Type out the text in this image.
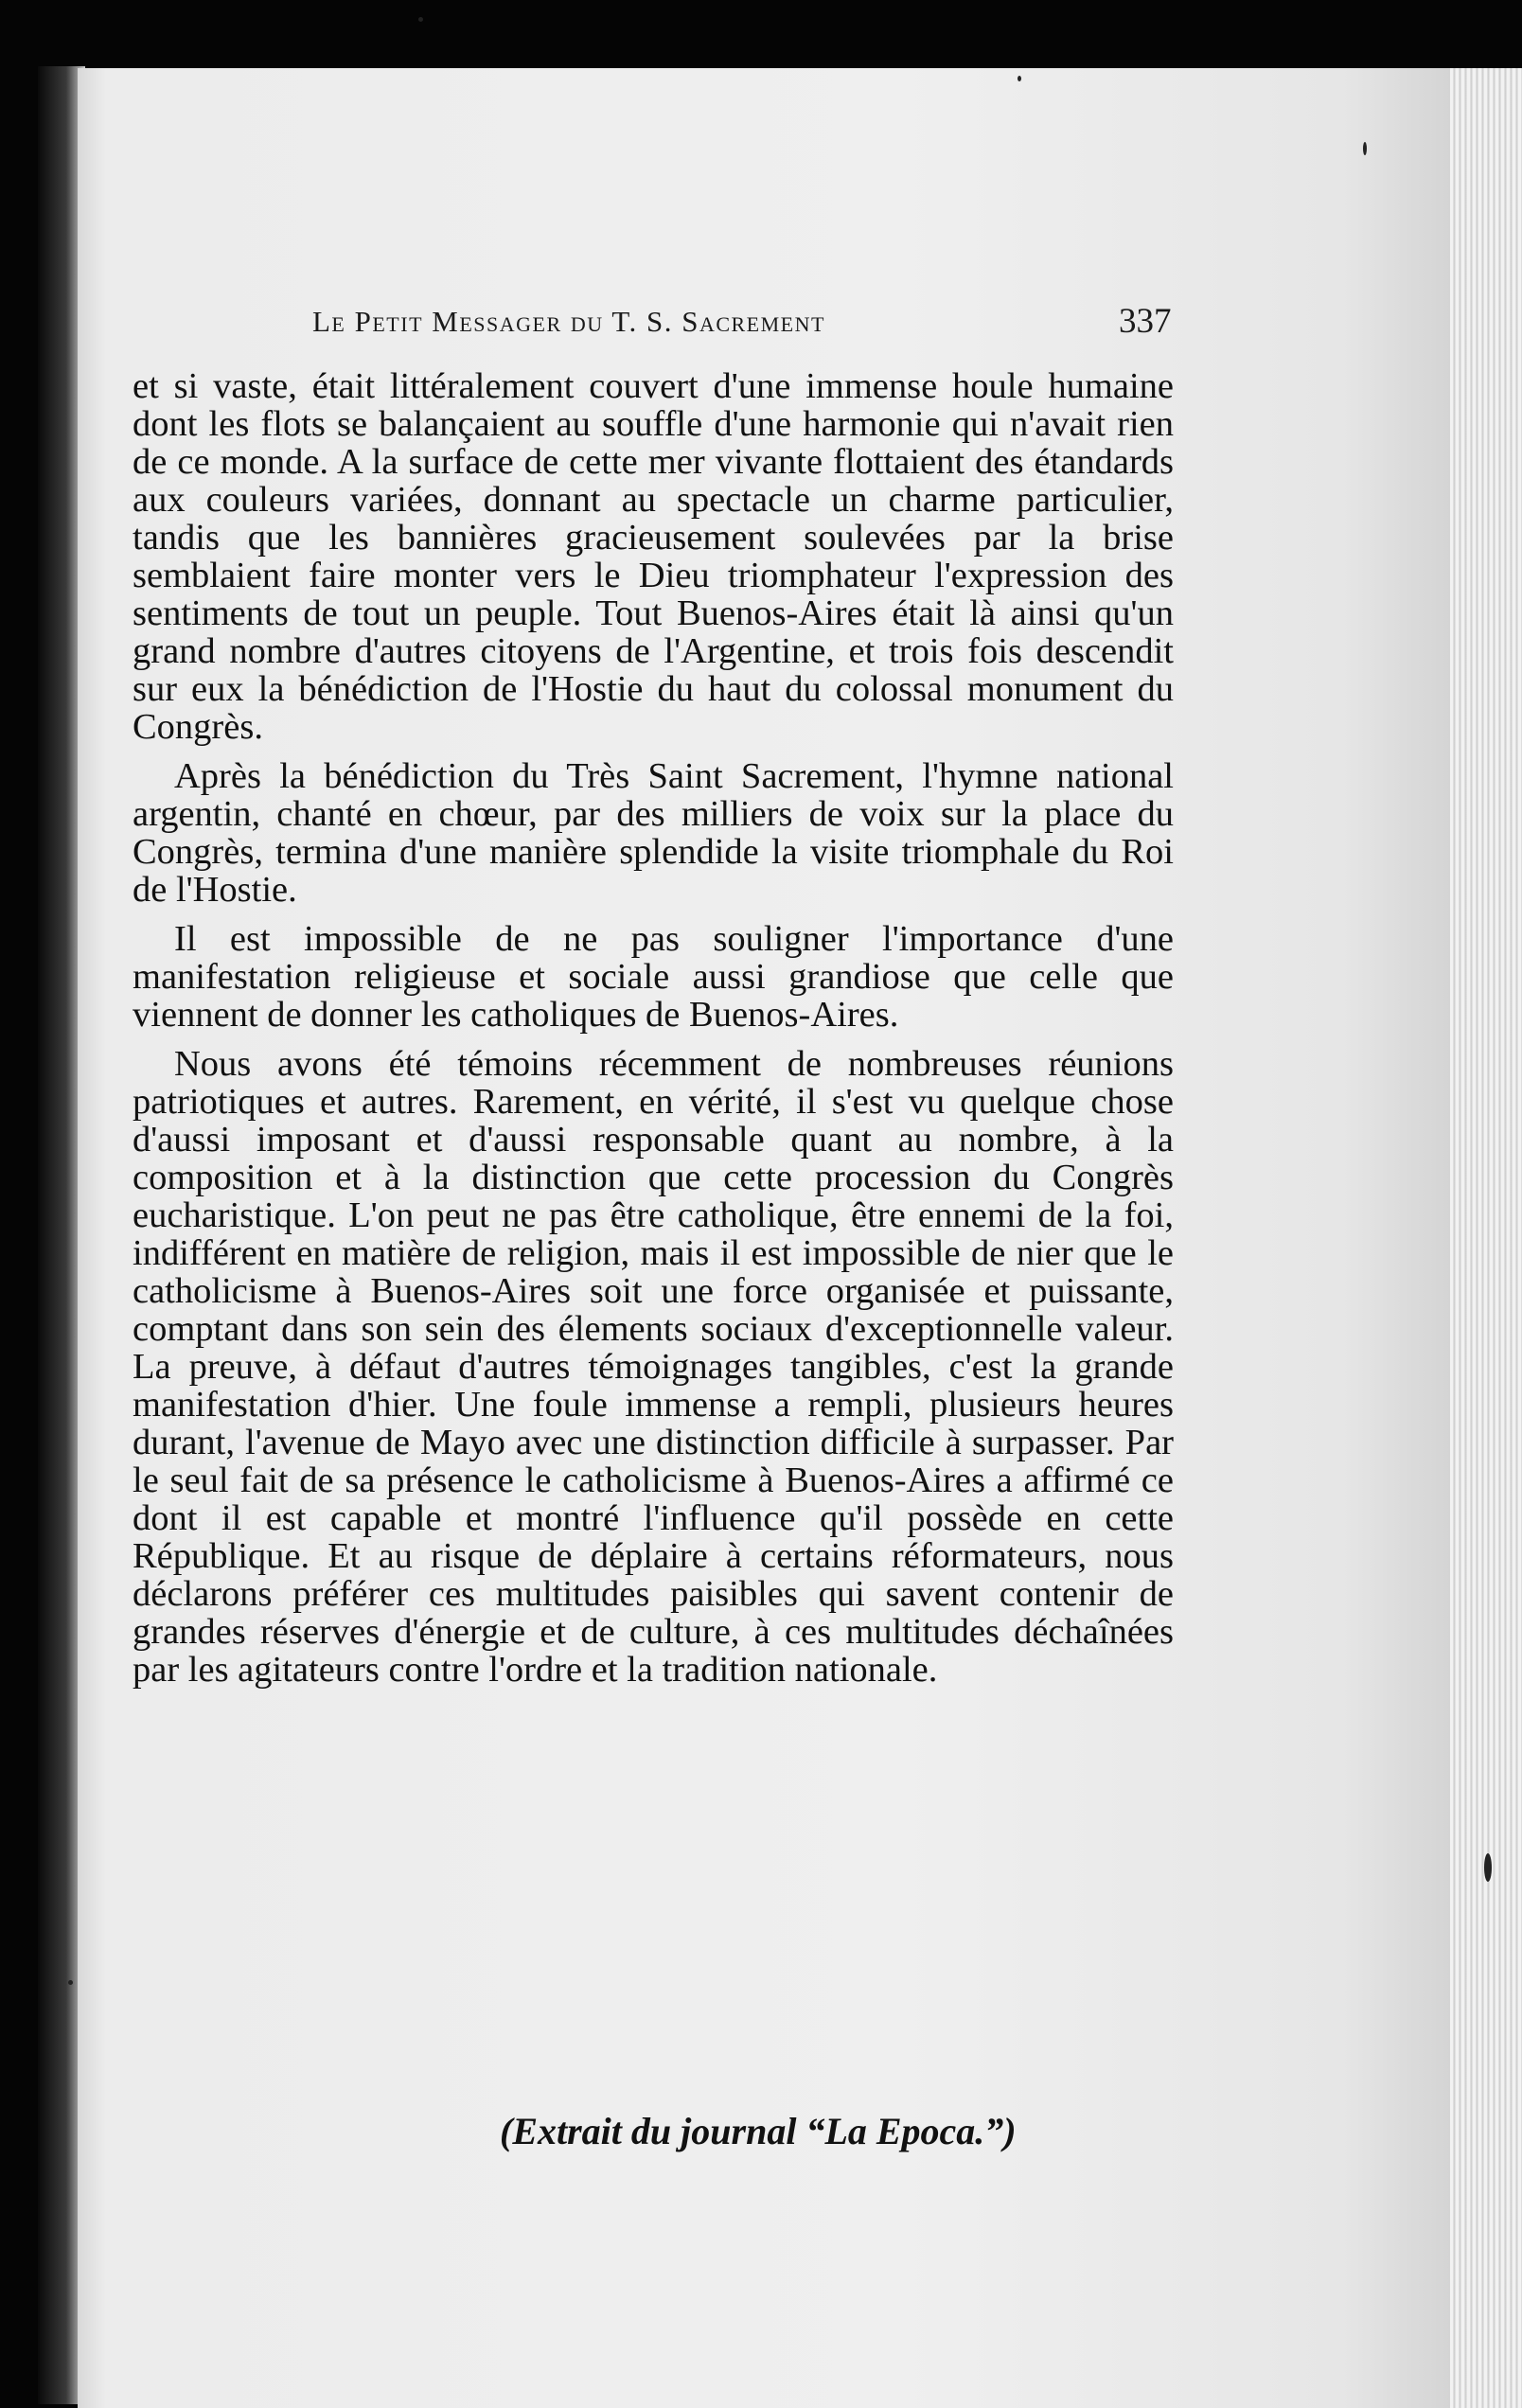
Le Petit Messager du T. S. Sacrement	337

et si vaste, était littéralement couvert d'une immense houle humaine dont les flots se balançaient au souffle d'une harmonie qui n'avait rien de ce monde. A la surface de cette mer vivante flottaient des étandards aux couleurs variées, donnant au spectacle un charme particulier, tandis que les bannières gracieusement soulevées par la brise semblaient faire monter vers le Dieu triomphateur l'expression des sentiments de tout un peuple. Tout Buenos-Aires était là ainsi qu'un grand nombre d'autres citoyens de l'Argentine, et trois fois descendit sur eux la bénédiction de l'Hostie du haut du colossal monument du Congrès.

Après la bénédiction du Très Saint Sacrement, l'hymne national argentin, chanté en chœur, par des milliers de voix sur la place du Congrès, termina d'une manière splendide la visite triomphale du Roi de l'Hostie.

Il est impossible de ne pas souligner l'importance d'une manifestation religieuse et sociale aussi grandiose que celle que viennent de donner les catholiques de Buenos-Aires.

Nous avons été témoins récemment de nombreuses réunions patriotiques et autres. Rarement, en vérité, il s'est vu quelque chose d'aussi imposant et d'aussi responsable quant au nombre, à la composition et à la distinction que cette procession du Congrès eucharistique. L'on peut ne pas être catholique, être ennemi de la foi, indifférent en matière de religion, mais il est impossible de nier que le catholicisme à Buenos-Aires soit une force organisée et puissante, comptant dans son sein des élements sociaux d'exceptionnelle valeur. La preuve, à défaut d'autres témoignages tangibles, c'est la grande manifestation d'hier. Une foule immense a rempli, plusieurs heures durant, l'avenue de Mayo avec une distinction difficile à surpasser. Par le seul fait de sa présence le catholicisme à Buenos-Aires a affirmé ce dont il est capable et montré l'influence qu'il possède en cette République. Et au risque de déplaire à certains réformateurs, nous déclarons préférer ces multitudes paisibles qui savent contenir de grandes réserves d'énergie et de culture, à ces multitudes déchaînées par les agitateurs contre l'ordre et la tradition nationale.

(Extrait du journal “La Epoca.”)
